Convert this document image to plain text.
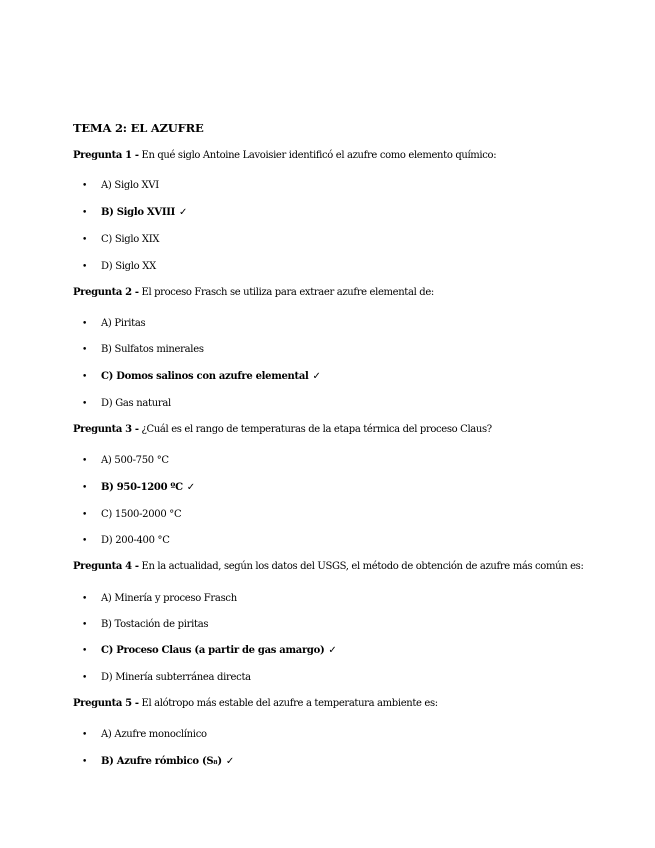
TEMA 2: EL AZUFRE
Pregunta 1 - En qué siglo Antoine Lavoisier identificó el azufre como elemento químico:
•	A) Siglo XVI
•	B) Siglo XVIII ✓
•	C) Siglo XIX
•	D) Siglo XX
Pregunta 2 - El proceso Frasch se utiliza para extraer azufre elemental de:
•	A) Piritas
•	B) Sulfatos minerales
•	C) Domos salinos con azufre elemental ✓
•	D) Gas natural
Pregunta 3 - ¿Cuál es el rango de temperaturas de la etapa térmica del proceso Claus?
•	A) 500-750 °C
•	B) 950-1200 ºC ✓
•	C) 1500-2000 °C
•	D) 200-400 °C
Pregunta 4 - En la actualidad, según los datos del USGS, el método de obtención de azufre más común es:
•	A) Minería y proceso Frasch
•	B) Tostación de piritas
•	C) Proceso Claus (a partir de gas amargo) ✓
•	D) Minería subterránea directa
Pregunta 5 - El alótropo más estable del azufre a temperatura ambiente es:
•	A) Azufre monoclínico
•	B) Azufre rómbico (S₈) ✓
